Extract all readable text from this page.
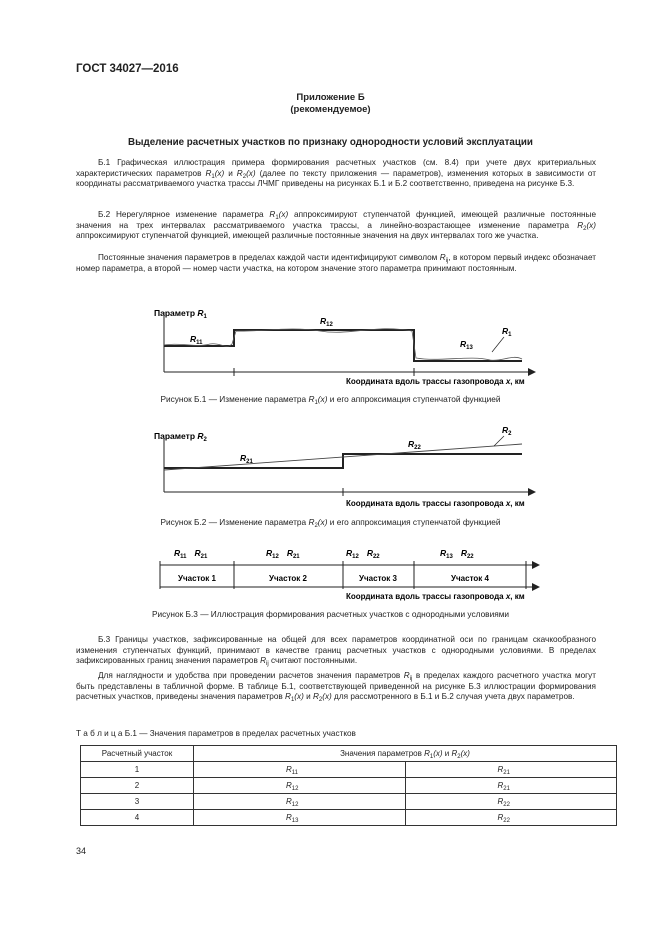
ГОСТ 34027—2016
Приложение Б
(рекомендуемое)
Выделение расчетных участков по признаку однородности условий эксплуатации
Б.1 Графическая иллюстрация примера формирования расчетных участков (см. 8.4) при учете двух критериальных характеристических параметров $R_1(x)$ и $R_2(x)$ (далее по тексту приложения — параметров), изменения которых в зависимости от координаты рассматриваемого участка трассы ЛЧМГ приведены на рисунках Б.1 и Б.2 соответственно, приведена на рисунке Б.3.
Б.2 Нерегулярное изменение параметра $R_1(x)$ аппроксимируют ступенчатой функцией, имеющей различные постоянные значения на трех интервалах рассматриваемого участка трассы, а линейно-возрастающее изменение параметра $R_2(x)$ аппроксимируют ступенчатой функцией, имеющей различные постоянные значения на двух интервалах того же участка.
Постоянные значения параметров в пределах каждой части идентифицируют символом $R_{ij}$, в котором первый индекс обозначает номер параметра, а второй — номер части участка, на котором значение этого параметра принимают постоянным.
Параметр $R_1$
$R_{11}$
$R_{12}$
$R_{13}$
$R_1$
Координата вдоль трассы газопровода x, км
Рисунок Б.1 — Изменение параметра $R_1(x)$ и его аппроксимация ступенчатой функцией
Параметр $R_2$
$R_{21}$
$R_{22}$
$R_2$
Координата вдоль трассы газопровода x, км
Рисунок Б.2 — Изменение параметра $R_2(x)$ и его аппроксимация ступенчатой функцией
$R_{11}$ $R_{21}$	$R_{12}$ $R_{21}$	$R_{12}$ $R_{22}$	$R_{13}$ $R_{22}$
Участок 1	Участок 2	Участок 3	Участок 4
Координата вдоль трассы газопровода x, км
Рисунок Б.3 — Иллюстрация формирования расчетных участков с однородными условиями
Б.3 Границы участков, зафиксированные на общей для всех параметров координатной оси по границам скачкообразного изменения ступенчатых функций, принимают в качестве границ расчетных участков с однородными условиями. В пределах зафиксированных границ значения параметров $R_{ij}$ считают постоянными.
Для наглядности и удобства при проведении расчетов значения параметров $R_{ij}$ в пределах каждого расчетного участка могут быть представлены в табличной форме. В таблице Б.1, соответствующей приведенной на рисунке Б.3 иллюстрации формирования расчетных участков, приведены значения параметров $R_1(x)$ и $R_2(x)$ для рассмотренного в Б.1 и Б.2 случая учета двух параметров.
Т а б л и ц а Б.1 — Значения параметров в пределах расчетных участков
Расчетный участок	Значения параметров $R_1(x)$ и $R_2(x)$	
1	$R_{11}$	$R_{21}$
2	$R_{12}$	$R_{21}$
3	$R_{12}$	$R_{22}$
4	$R_{13}$	$R_{22}$
34
